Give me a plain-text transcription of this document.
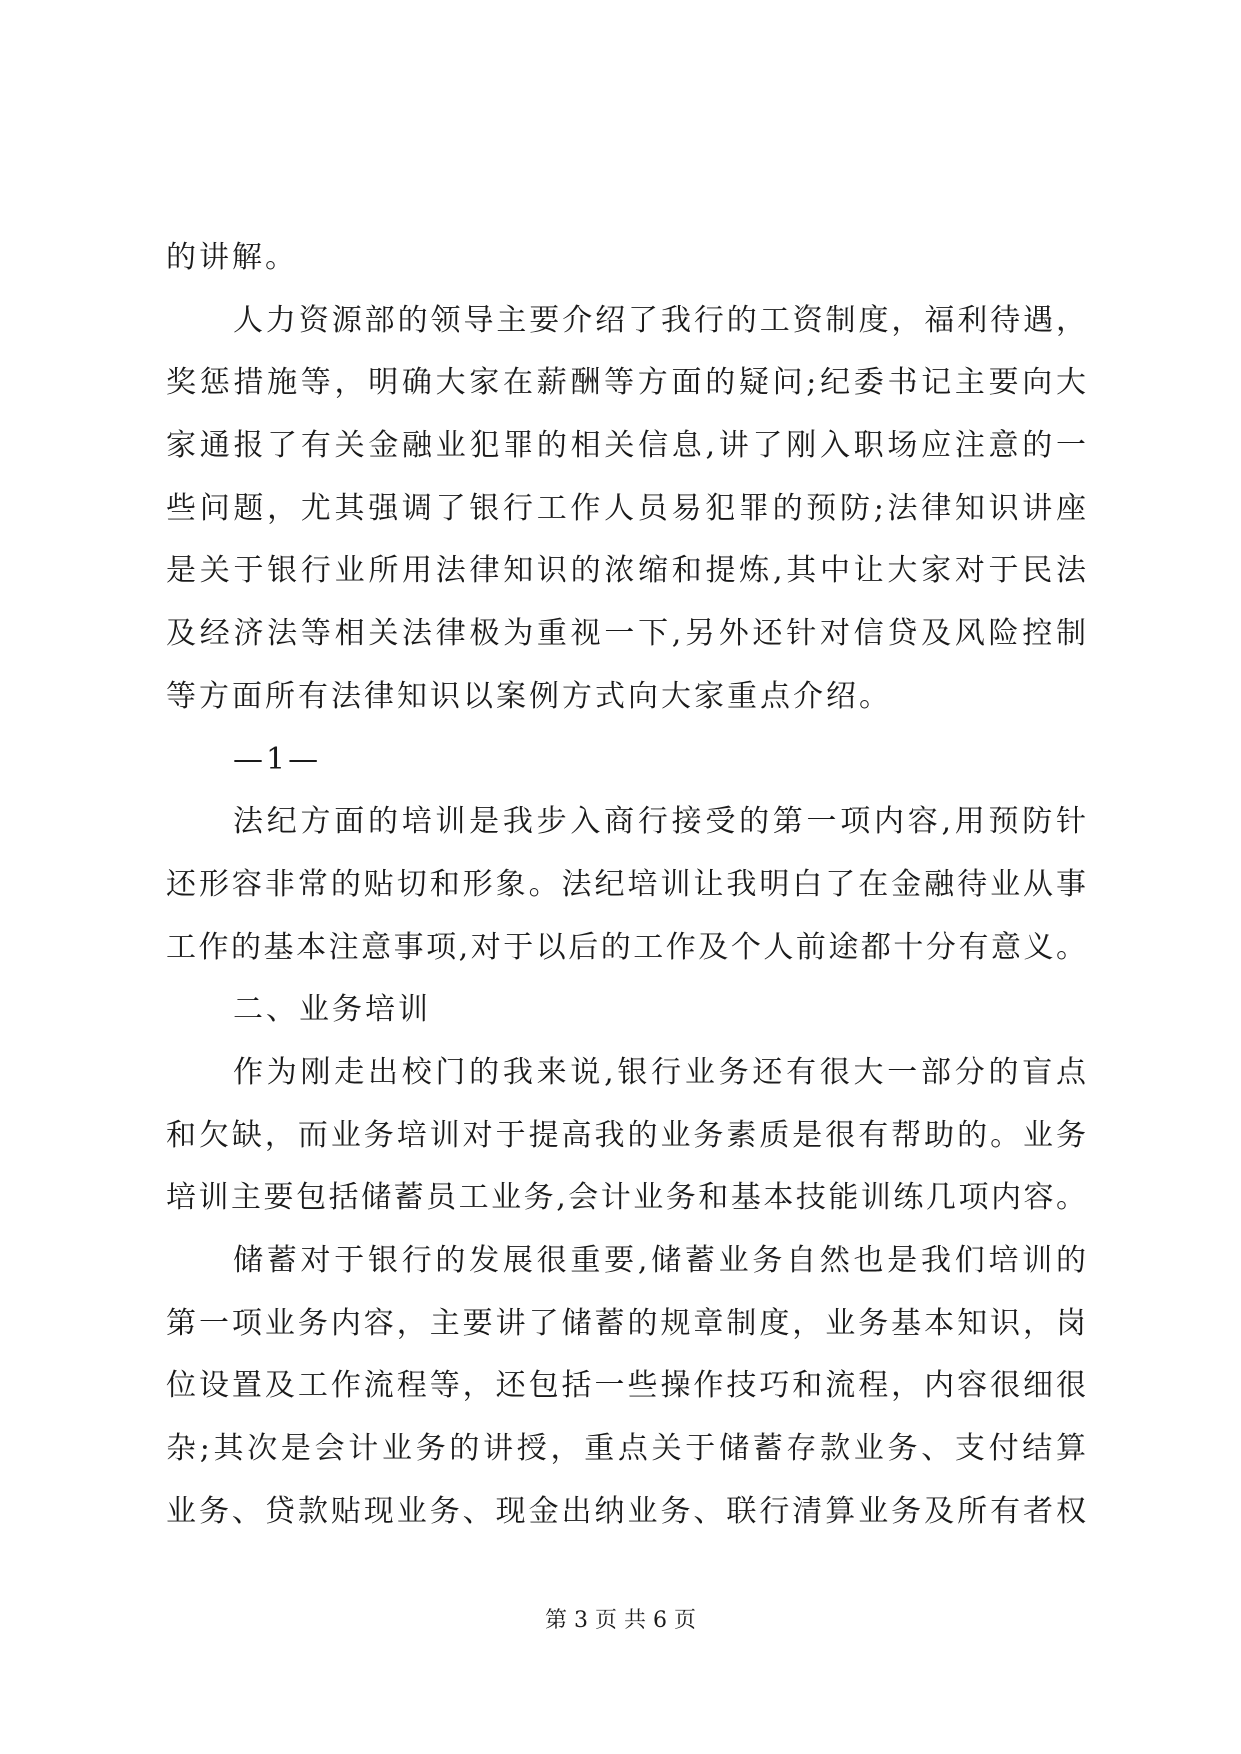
的讲解。
人力资源部的领导主要介绍了我行的工资制度，福利待遇，
奖惩措施等，明确大家在薪酬等方面的疑问;纪委书记主要向大
家通报了有关金融业犯罪的相关信息,讲了刚入职场应注意的一
些问题，尤其强调了银行工作人员易犯罪的预防;法律知识讲座
是关于银行业所用法律知识的浓缩和提炼,其中让大家对于民法
及经济法等相关法律极为重视一下,另外还针对信贷及风险控制
等方面所有法律知识以案例方式向大家重点介绍。
—1—
法纪方面的培训是我步入商行接受的第一项内容,用预防针
还形容非常的贴切和形象。法纪培训让我明白了在金融待业从事
工作的基本注意事项,对于以后的工作及个人前途都十分有意义。
二、业务培训
作为刚走出校门的我来说,银行业务还有很大一部分的盲点
和欠缺，而业务培训对于提高我的业务素质是很有帮助的。业务
培训主要包括储蓄员工业务,会计业务和基本技能训练几项内容。
储蓄对于银行的发展很重要,储蓄业务自然也是我们培训的
第一项业务内容，主要讲了储蓄的规章制度，业务基本知识，岗
位设置及工作流程等，还包括一些操作技巧和流程，内容很细很
杂;其次是会计业务的讲授，重点关于储蓄存款业务、支付结算
业务、贷款贴现业务、现金出纳业务、联行清算业务及所有者权
第 3 页 共 6 页
